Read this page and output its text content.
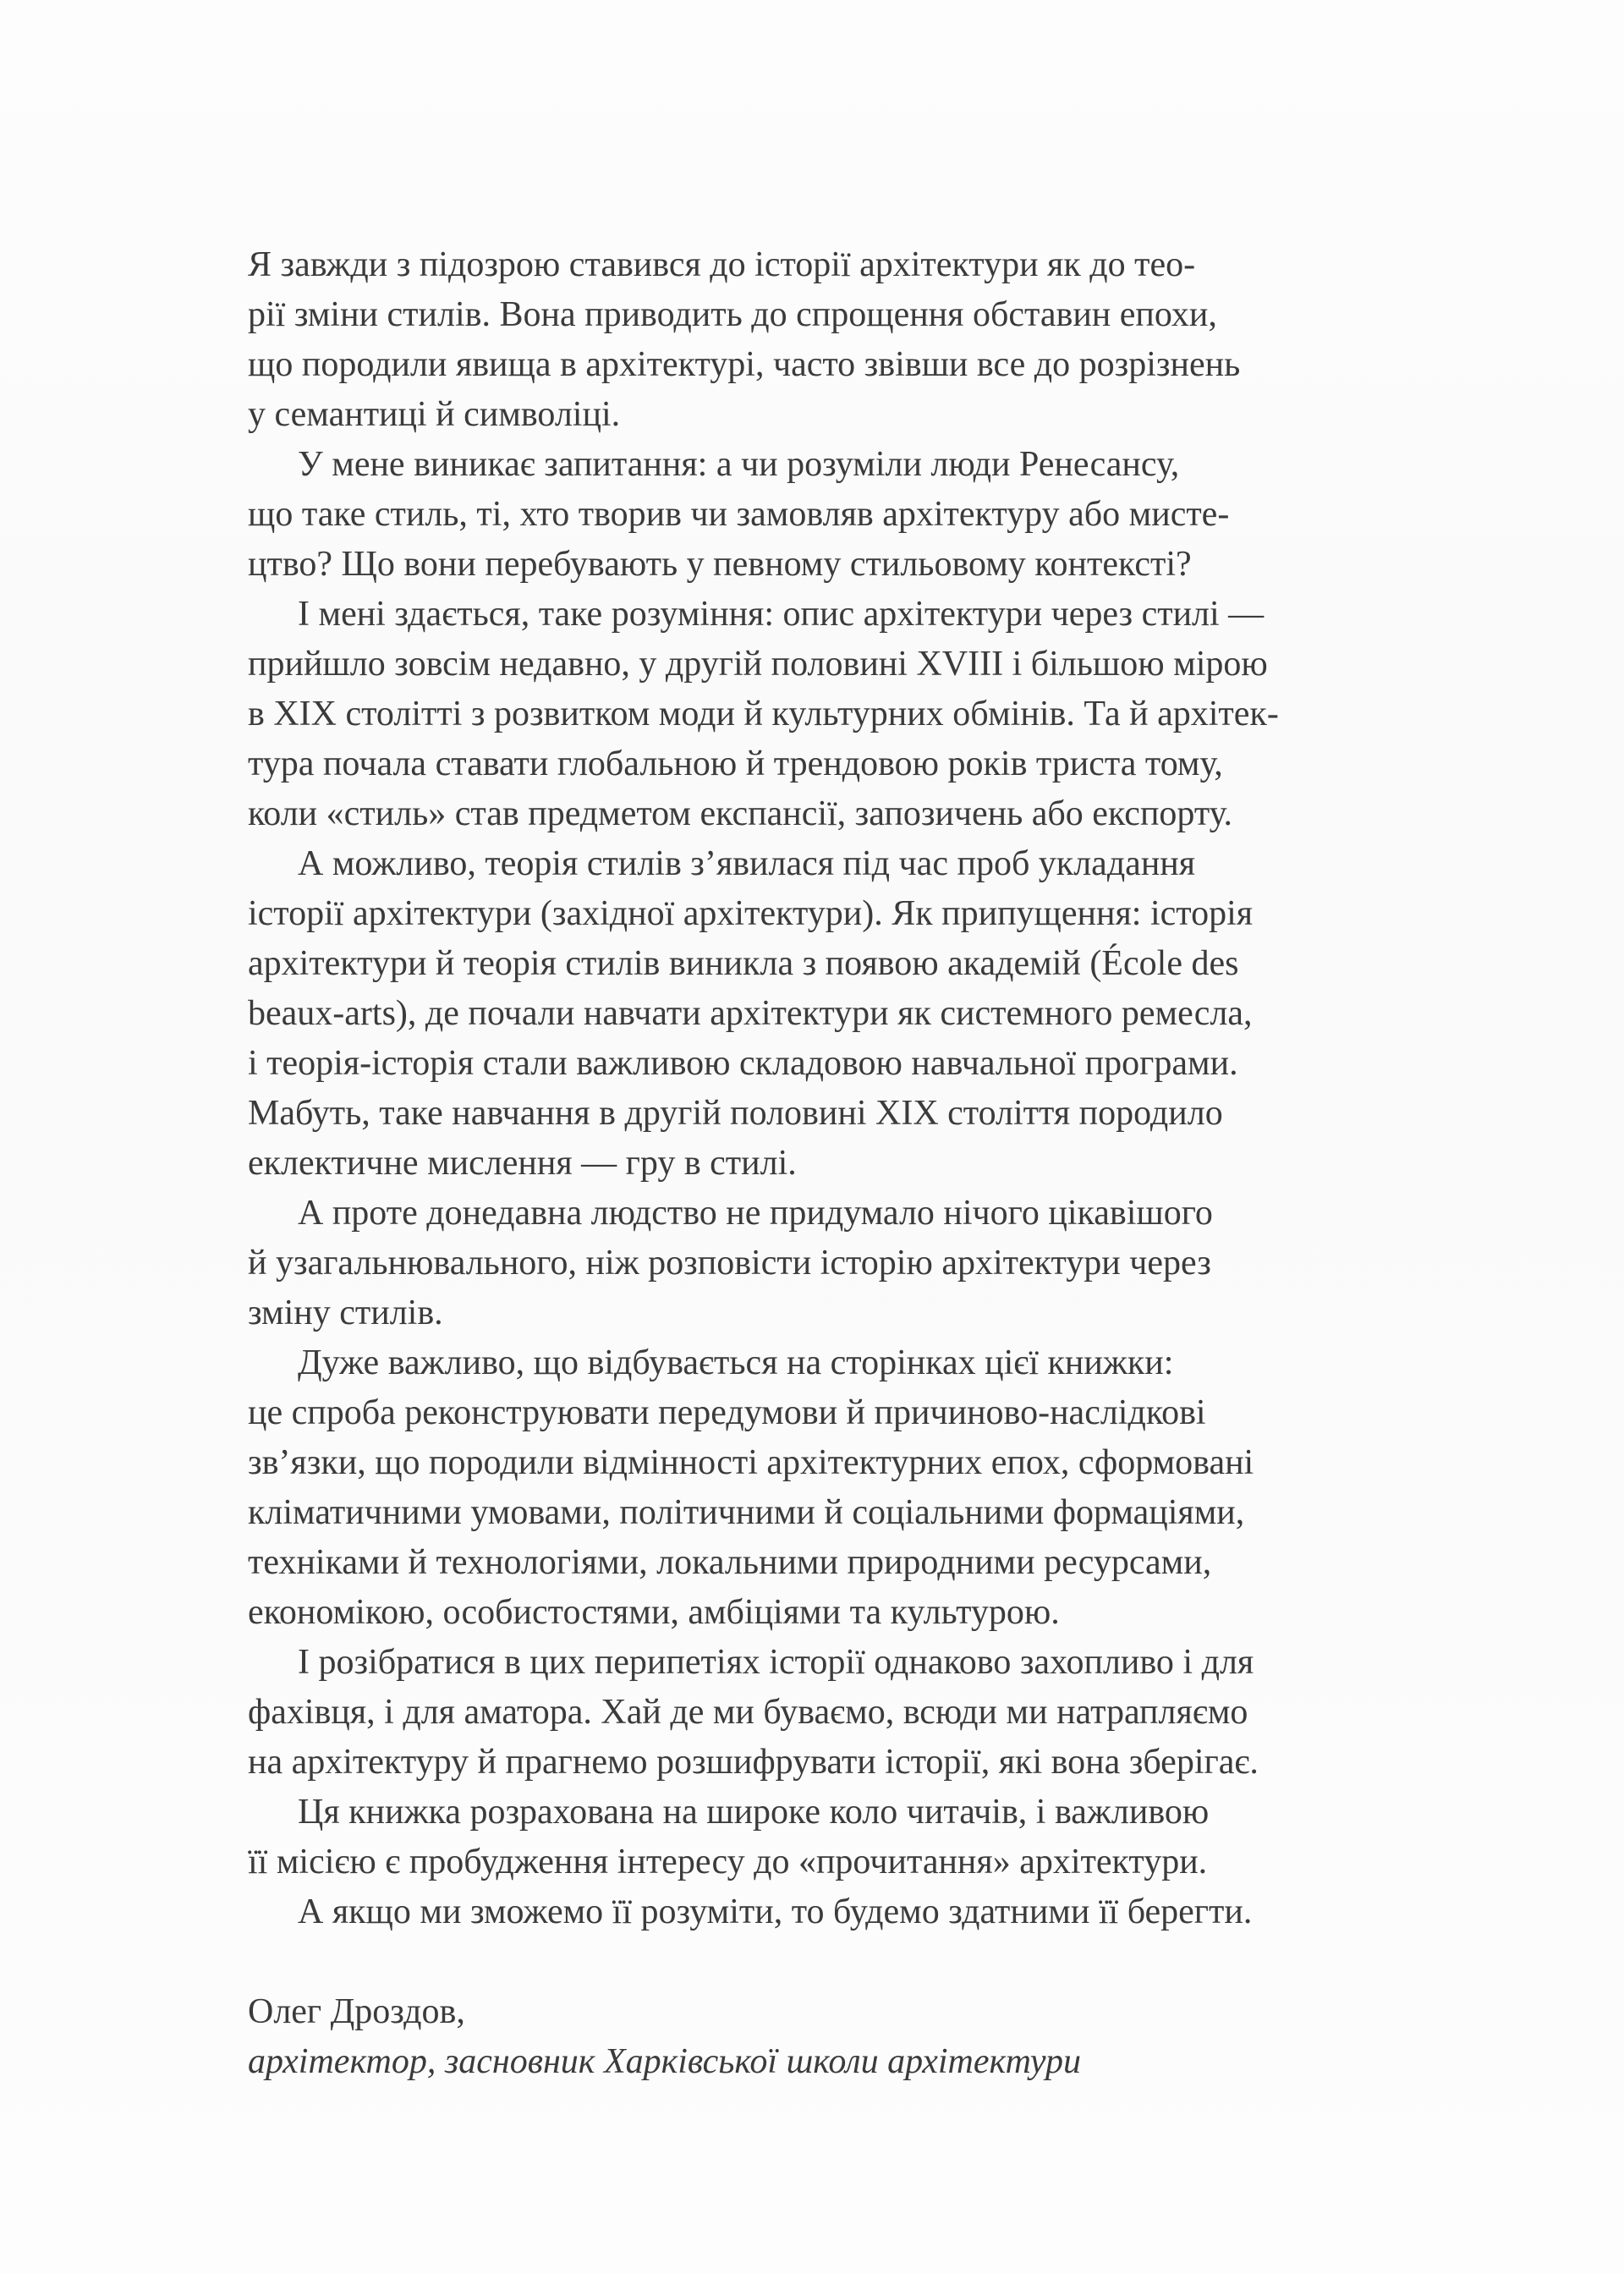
Я завжди з підозрою ставився до історії архітектури як до тео-
рії зміни стилів. Вона приводить до спрощення обставин епохи,
що породили явища в архітектурі, часто звівши все до розрізнень
у семантиці й символіці.

У мене виникає запитання: а чи розуміли люди Ренесансу,
що таке стиль, ті, хто творив чи замовляв архітектуру або мисте-
цтво? Що вони перебувають у певному стильовому контексті?

І мені здається, таке розуміння: опис архітектури через стилі —
прийшло зовсім недавно, у другій половині XVIII і більшою мірою
в XIX столітті з розвитком моди й культурних обмінів. Та й архітек-
тура почала ставати глобальною й трендовою років триста тому,
коли «стиль» став предметом експансії, запозичень або експорту.

А можливо, теорія стилів з’явилася під час проб укладання
історії архітектури (західної архітектури). Як припущення: історія
архітектури й теорія стилів виникла з появою академій (École des
beaux-arts), де почали навчати архітектури як системного ремесла,
і теорія-історія стали важливою складовою навчальної програми.
Мабуть, таке навчання в другій половині XIX століття породило
еклектичне мислення — гру в стилі.

А проте донедавна людство не придумало нічого цікавішого
й узагальнювального, ніж розповісти історію архітектури через
зміну стилів.

Дуже важливо, що відбувається на сторінках цієї книжки:
це спроба реконструювати передумови й причиново-наслідкові
зв’язки, що породили відмінності архітектурних епох, сформовані
кліматичними умовами, політичними й соціальними формаціями,
техніками й технологіями, локальними природними ресурсами,
економікою, особистостями, амбіціями та культурою.

І розібратися в цих перипетіях історії однаково захопливо і для
фахівця, і для аматора. Хай де ми буваємо, всюди ми натрапляємо
на архітектуру й прагнемо розшифрувати історії, які вона зберігає.

Ця книжка розрахована на широке коло читачів, і важливою
її місією є пробудження інтересу до «прочитання» архітектури.

А якщо ми зможемо її розуміти, то будемо здатними її берегти.

Олег Дроздов,

архітектор, засновник Харківської школи архітектури
